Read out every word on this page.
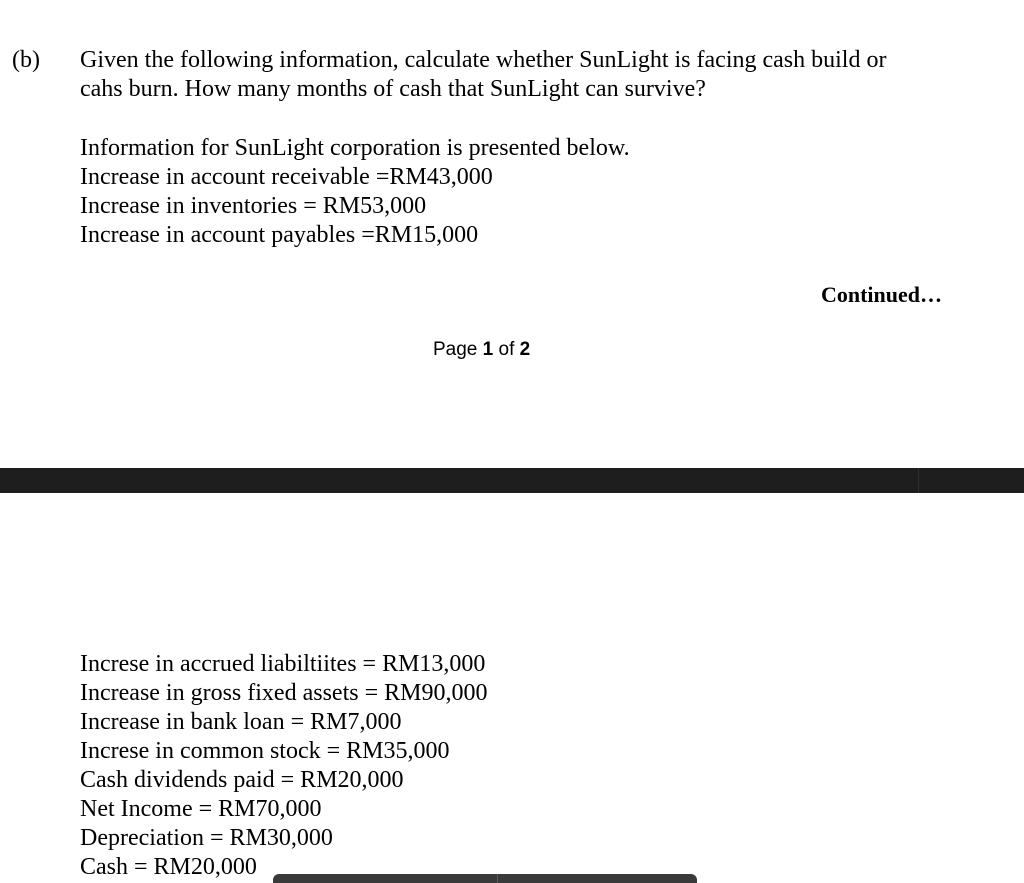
(b) Given the following information, calculate whether SunLight is facing cash build or
cahs burn. How many months of cash that SunLight can survive?
Information for SunLight corporation is presented below.
Increase in account receivable =RM43,000
Increase in inventories = RM53,000
Increase in account payables =RM15,000
Continued…
Page 1 of 2
Increse in accrued liabiltiites = RM13,000
Increase in gross fixed assets = RM90,000
Increase in bank loan = RM7,000
Increse in common stock = RM35,000
Cash dividends paid = RM20,000
Net Income = RM70,000
Depreciation = RM30,000
Cash = RM20,000
